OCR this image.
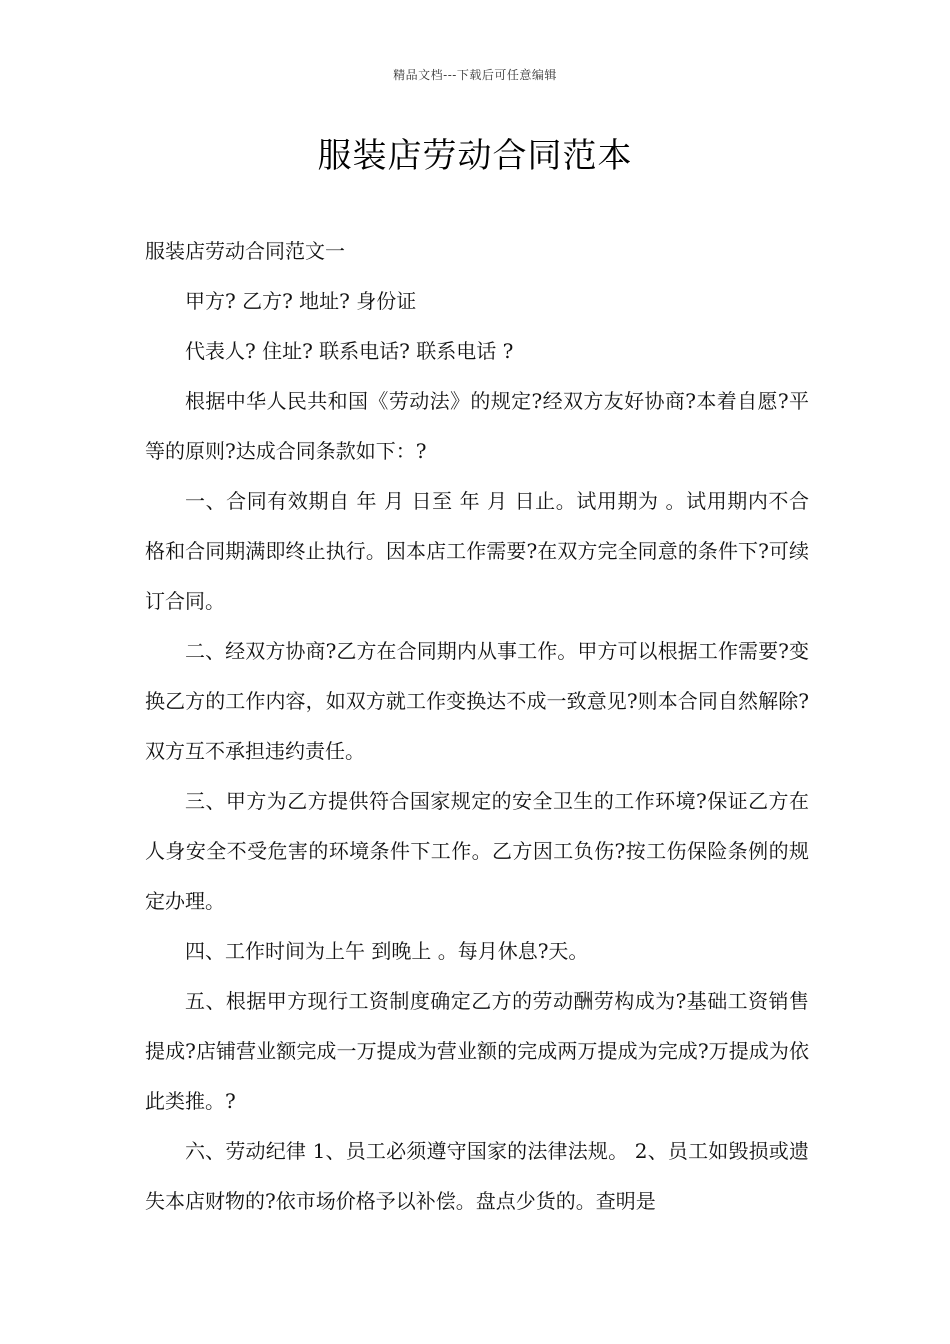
精品文档---下载后可任意编辑
服装店劳动合同范本

服装店劳动合同范文一

甲方? 乙方? 地址? 身份证

代表人? 住址? 联系电话? 联系电话 ?

根据中华人民共和国《劳动法》的规定?经双方友好协商?本着自愿?平等的原则?达成合同条款如下：?

一、合同有效期自 年 月 日至 年 月 日止。试用期为 。试用期内不合格和合同期满即终止执行。因本店工作需要?在双方完全同意的条件下?可续订合同。

二、经双方协商?乙方在合同期内从事工作。甲方可以根据工作需要?变换乙方的工作内容，如双方就工作变换达不成一致意见?则本合同自然解除?双方互不承担违约责任。

三、甲方为乙方提供符合国家规定的安全卫生的工作环境?保证乙方在人身安全不受危害的环境条件下工作。乙方因工负伤?按工伤保险条例的规定办理。

四、工作时间为上午 到晚上 。每月休息?天。

五、根据甲方现行工资制度确定乙方的劳动酬劳构成为?基础工资销售提成?店铺营业额完成一万提成为营业额的完成两万提成为完成?万提成为依此类推。?

六、劳动纪律 1、员工必须遵守国家的法律法规。 2、员工如毁损或遗失本店财物的?依市场价格予以补偿。盘点少货的。查明是
